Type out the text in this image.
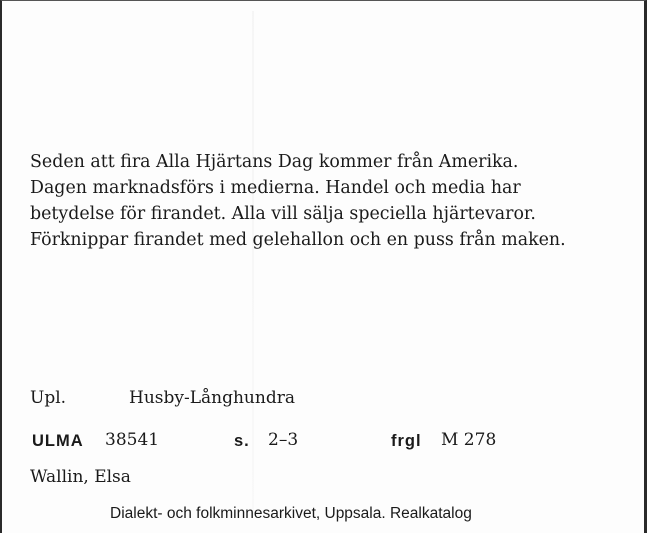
Seden att fira Alla Hjärtans Dag kommer från Amerika.
Dagen marknadsförs i medierna. Handel och media har
betydelse för firandet. Alla vill sälja speciella hjärtevaror.
Förknippar firandet med gelehallon och en puss från maken.
Upl.	Husby-Långhundra
ULMA 38541	s. 2–3	frgl M 278
Wallin, Elsa
Dialekt- och folkminnesarkivet, Uppsala. Realkatalog
